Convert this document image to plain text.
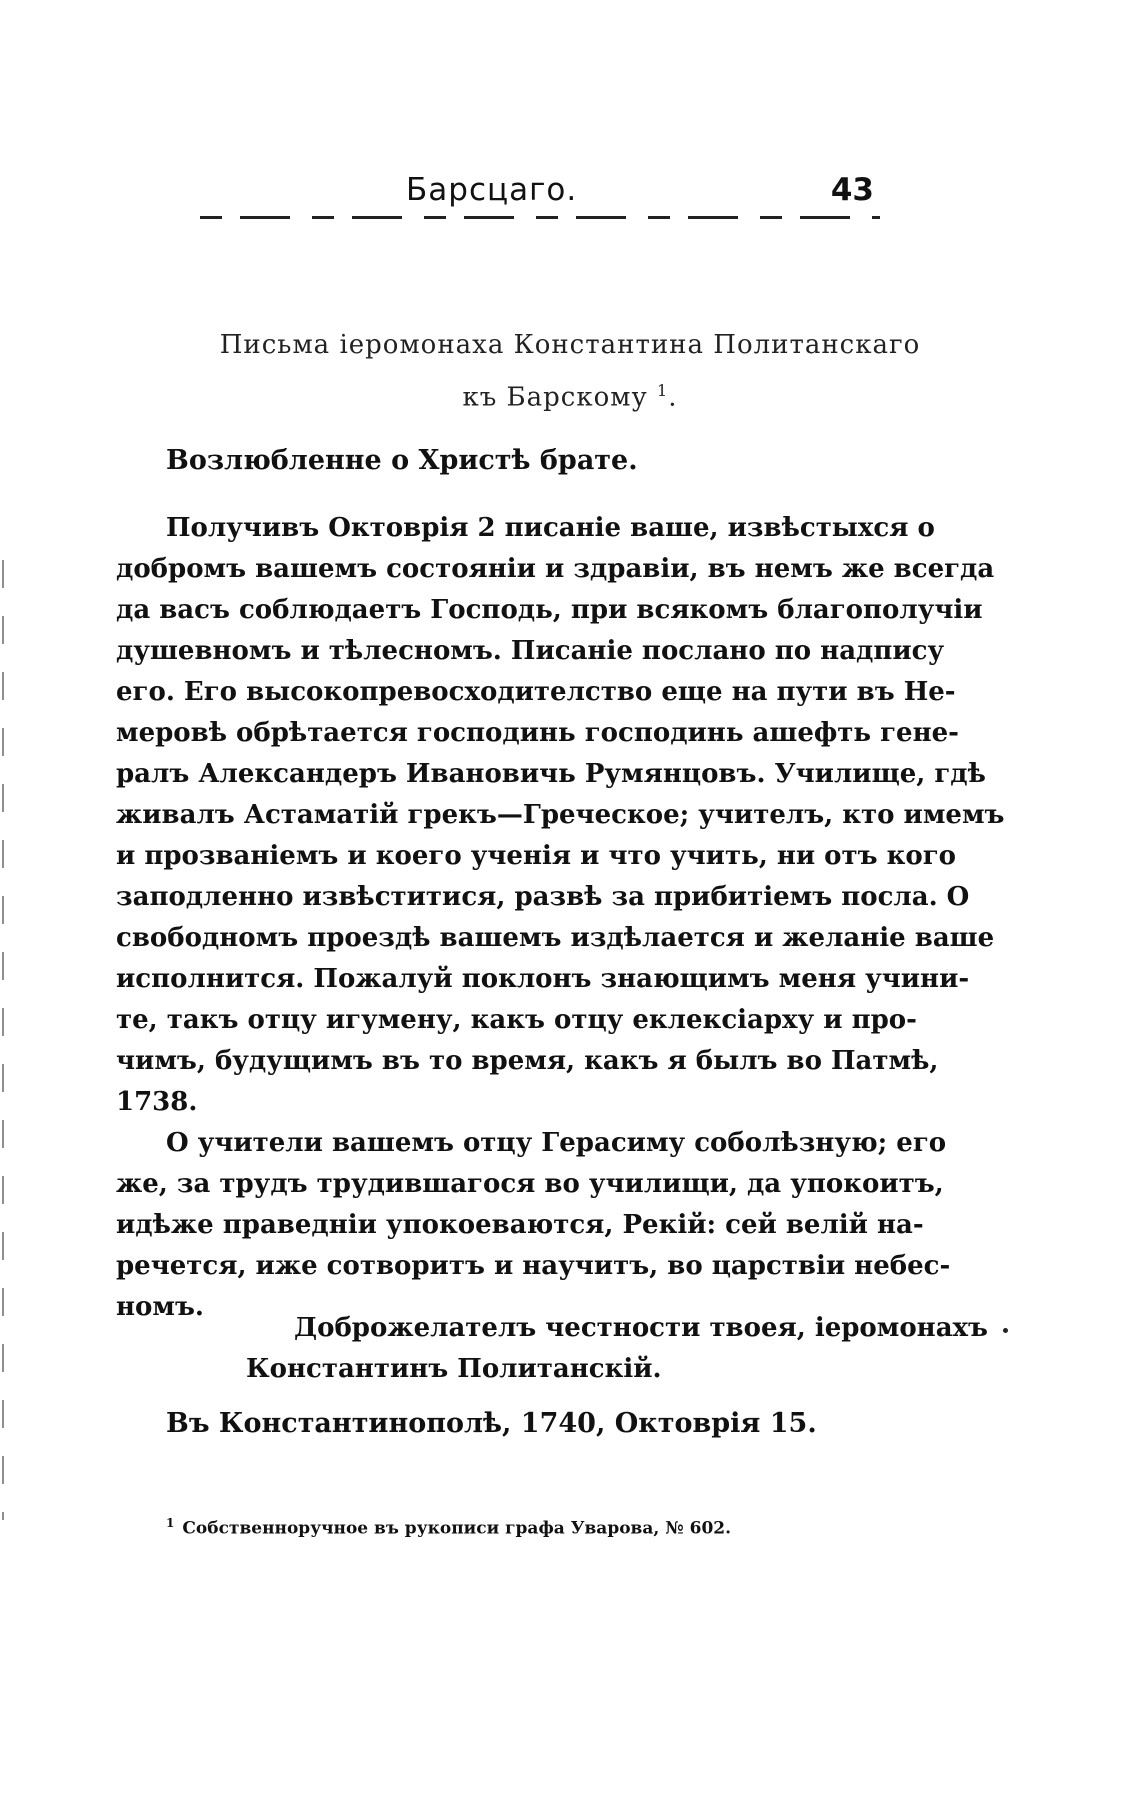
Барсцаго.	43
Письма іеромонаха Константина Политанскаго
къ Барскому $^1$.
Возлюбленне о Христѣ брате.
Получивъ Октоврія 2 писаніе ваше, извѣстыхся о
добромъ вашемъ состояніи и здравіи, въ немъ же всегда
да васъ соблюдаетъ Господь, при всякомъ благополучіи
душевномъ и тѣлесномъ. Писаніе послано по надпису
его. Его высокопревосходителство еще на пути въ Не-
меровѣ обрѣтается господинь господинь ашефть гене-
ралъ Александеръ Ивановичь Румянцовъ. Училище, гдѣ
живалъ Астаматій грекъ—Греческое; учителъ, кто имемъ
и прозваніемъ и коего ученія и что учить, ни отъ кого
заподленно извѣститися, развѣ за прибитіемъ посла. О
свободномъ проездѣ вашемъ издѣлается и желаніе ваше
исполнится. Пожалуй поклонъ знающимъ меня учини-
те, такъ отцу игумену, какъ отцу еклексіарху и про-
чимъ, будущимъ въ то время, какъ я былъ во Патмѣ,
1738.
О учители вашемъ отцу Герасиму соболѣзную; его
же, за трудъ трудившагося во училищи, да упокоитъ,
идѣже праведніи упокоеваются, Рекій: сей велій на-
речется, иже сотворитъ и научитъ, во царствіи небес-
номъ.
Доброжелателъ честности твоея, іеромонахъ
Константинъ Политанскій.
Въ Константинополѣ, 1740, Октоврія 15.
$^1$ Собственноручное въ рукописи графа Уварова, № 602.
